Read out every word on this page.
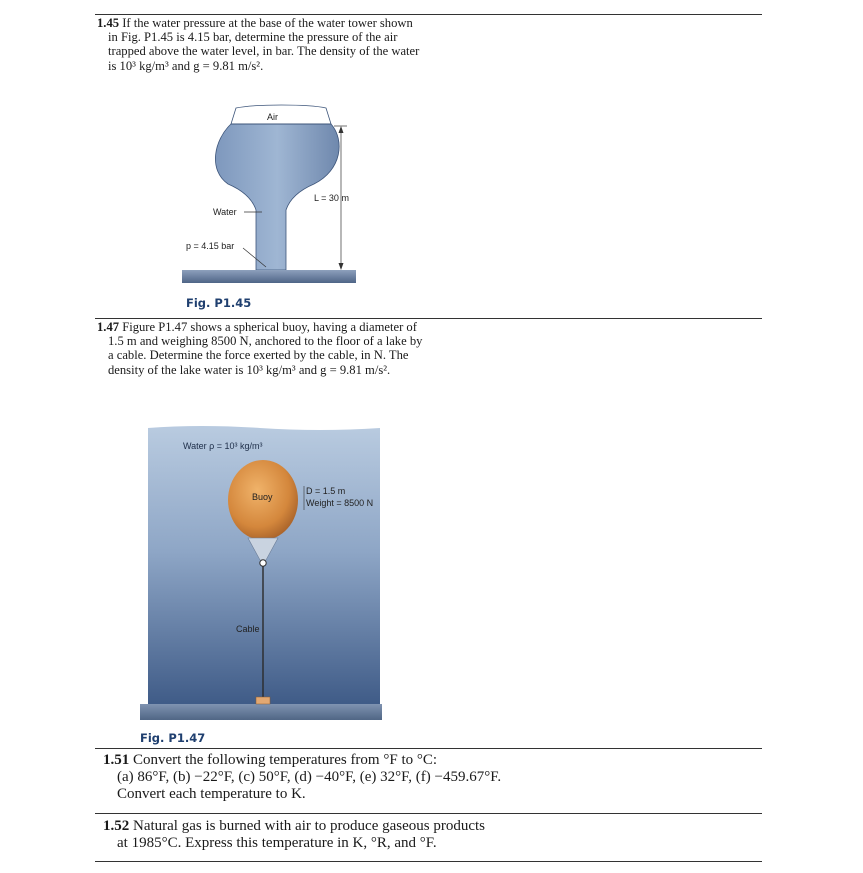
1.45 If the water pressure at the base of the water tower shown
in Fig. P1.45 is 4.15 bar, determine the pressure of the air
trapped above the water level, in bar. The density of the water
is 10³ kg/m³ and g = 9.81 m/s².
Air
L = 30 m
Water
p = 4.15 bar
Fig. P1.45
1.47 Figure P1.47 shows a spherical buoy, having a diameter of
1.5 m and weighing 8500 N, anchored to the floor of a lake by
a cable. Determine the force exerted by the cable, in N. The
density of the lake water is 10³ kg/m³ and g = 9.81 m/s².
Water ρ = 10³ kg/m³
Buoy
D = 1.5 m
Weight = 8500 N
Cable
Fig. P1.47
1.51 Convert the following temperatures from °F to °C:
(a) 86°F, (b) −22°F, (c) 50°F, (d) −40°F, (e) 32°F, (f) −459.67°F.
Convert each temperature to K.
1.52 Natural gas is burned with air to produce gaseous products
at 1985°C. Express this temperature in K, °R, and °F.
